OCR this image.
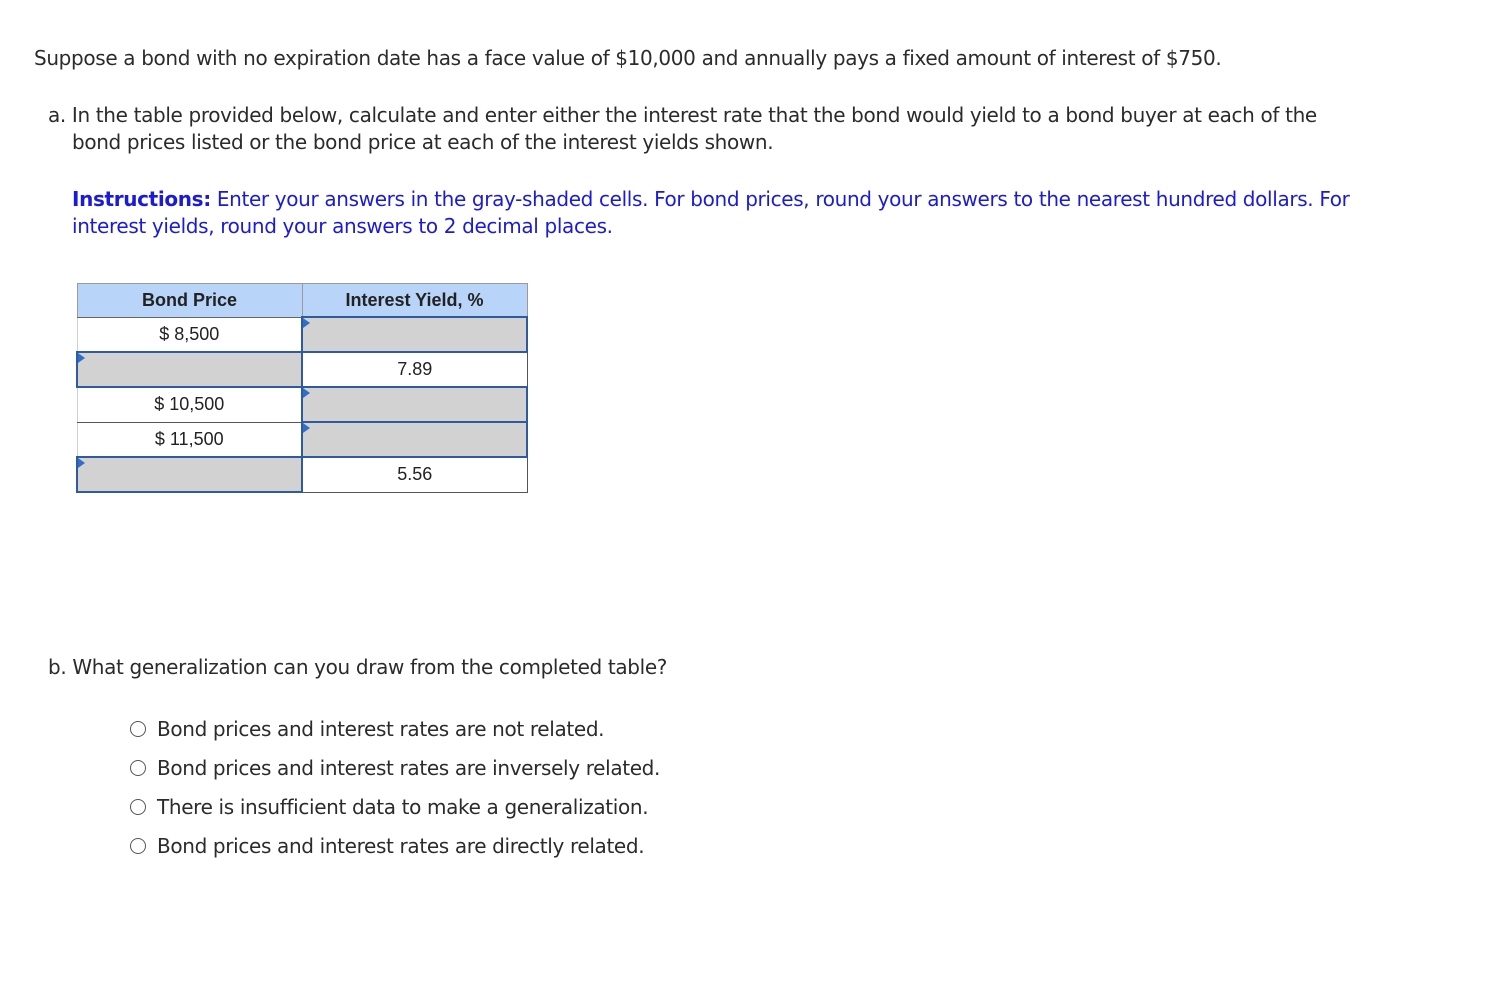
Suppose a bond with no expiration date has a face value of $10,000 and annually pays a fixed amount of interest of $750.
a. In the table provided below, calculate and enter either the interest rate that the bond would yield to a bond buyer at each of the
bond prices listed or the bond price at each of the interest yields shown.
Instructions: Enter your answers in the gray-shaded cells. For bond prices, round your answers to the nearest hundred dollars. For
interest yields, round your answers to 2 decimal places.
Bond Price	Interest Yield, %
$ 8,500	
	7.89
$ 10,500	
$ 11,500	
	5.56
b. What generalization can you draw from the completed table?
Bond prices and interest rates are not related.
Bond prices and interest rates are inversely related.
There is insufficient data to make a generalization.
Bond prices and interest rates are directly related.
